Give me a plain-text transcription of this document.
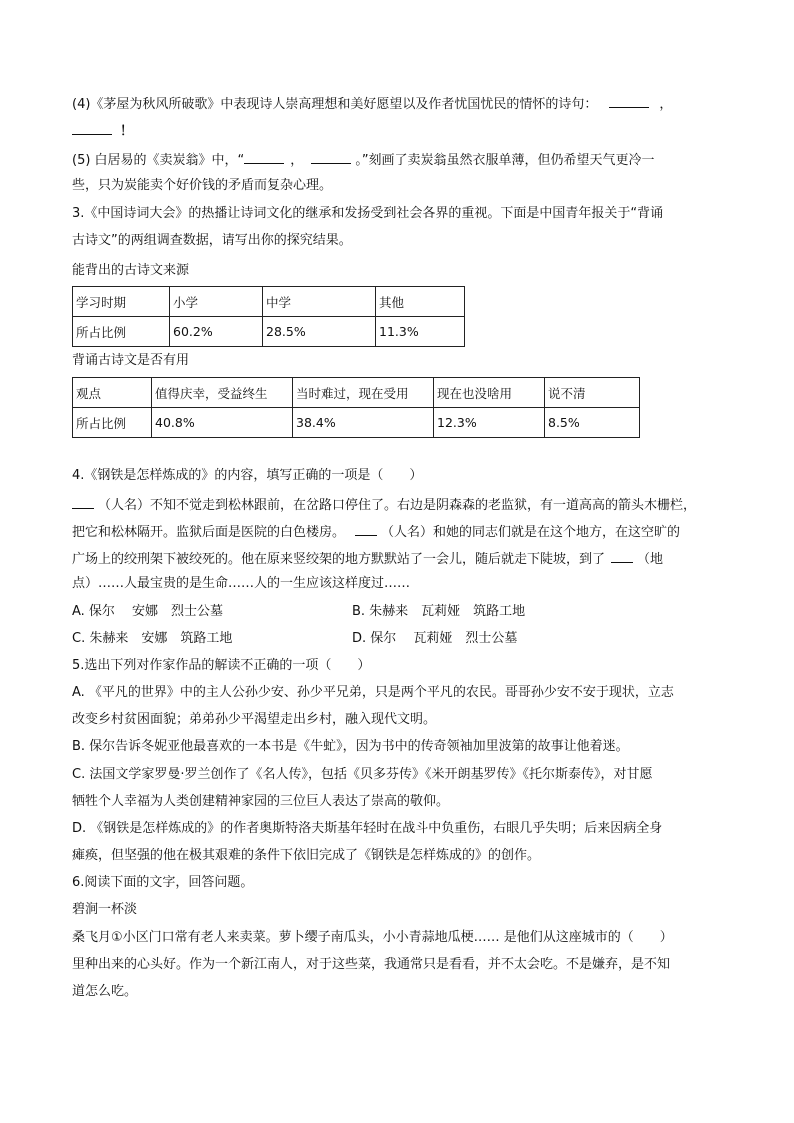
(4)《茅屋为秋风所破歌》中表现诗人崇高理想和美好愿望以及作者忧国忧民的情怀的诗句：	，
！
(5) 白居易的《卖炭翁》中，“	，	。”刻画了卖炭翁虽然衣服单薄，但仍希望天气更冷一
些，只为炭能卖个好价钱的矛盾而复杂心理。
3.《中国诗词大会》的热播让诗词文化的继承和发扬受到社会各界的重视。下面是中国青年报关于“背诵
古诗文”的两组调查数据，请写出你的探究结果。
能背出的古诗文来源
学习时期	小学	中学	其他
所占比例	60.2%	28.5%	11.3%
背诵古诗文是否有用
观点	值得庆幸，受益终生	当时难过，现在受用	现在也没啥用	说不清
所占比例	40.8%	38.4%	12.3%	8.5%
4.《钢铁是怎样炼成的》的内容，填写正确的一项是（　　）
（人名）不知不觉走到松林跟前，在岔路口停住了。右边是阴森森的老监狱，有一道高高的箭头木栅栏，
把它和松林隔开。监狱后面是医院的白色楼房。	（人名）和她的同志们就是在这个地方，在这空旷的
广场上的绞刑架下被绞死的。他在原来竖绞架的地方默默站了一会儿，随后就走下陡坡，到了 （地
点）……人最宝贵的是生命……人的一生应该这样度过……
A. 保尔　 安娜　烈士公墓	B. 朱赫来　瓦莉娅　筑路工地
C. 朱赫来　安娜　筑路工地	D. 保尔　 瓦莉娅　烈士公墓
5.选出下列对作家作品的解读不正确的一项（　　）
A. 《平凡的世界》中的主人公孙少安、孙少平兄弟，只是两个平凡的农民。哥哥孙少安不安于现状，立志
改变乡村贫困面貌；弟弟孙少平渴望走出乡村，融入现代文明。
B. 保尔告诉冬妮亚他最喜欢的一本书是《牛虻》，因为书中的传奇领袖加里波第的故事让他着迷。
C. 法国文学家罗曼·罗兰创作了《名人传》，包括《贝多芬传》《米开朗基罗传》《托尔斯泰传》，对甘愿
牺牲个人幸福为人类创建精神家园的三位巨人表达了崇高的敬仰。
D. 《钢铁是怎样炼成的》的作者奥斯特洛夫斯基年轻时在战斗中负重伤，右眼几乎失明；后来因病全身
瘫痪，但坚强的他在极其艰难的条件下依旧完成了《钢铁是怎样炼成的》的创作。
6.阅读下面的文字，回答问题。
碧涧一杯淡
桑飞月①小区门口常有老人来卖菜。萝卜缨子南瓜头，小小青蒜地瓜梗…… 是他们从这座城市的（　　）
里种出来的心头好。作为一个新江南人，对于这些菜，我通常只是看看，并不太会吃。不是嫌弃，是不知
道怎么吃。
